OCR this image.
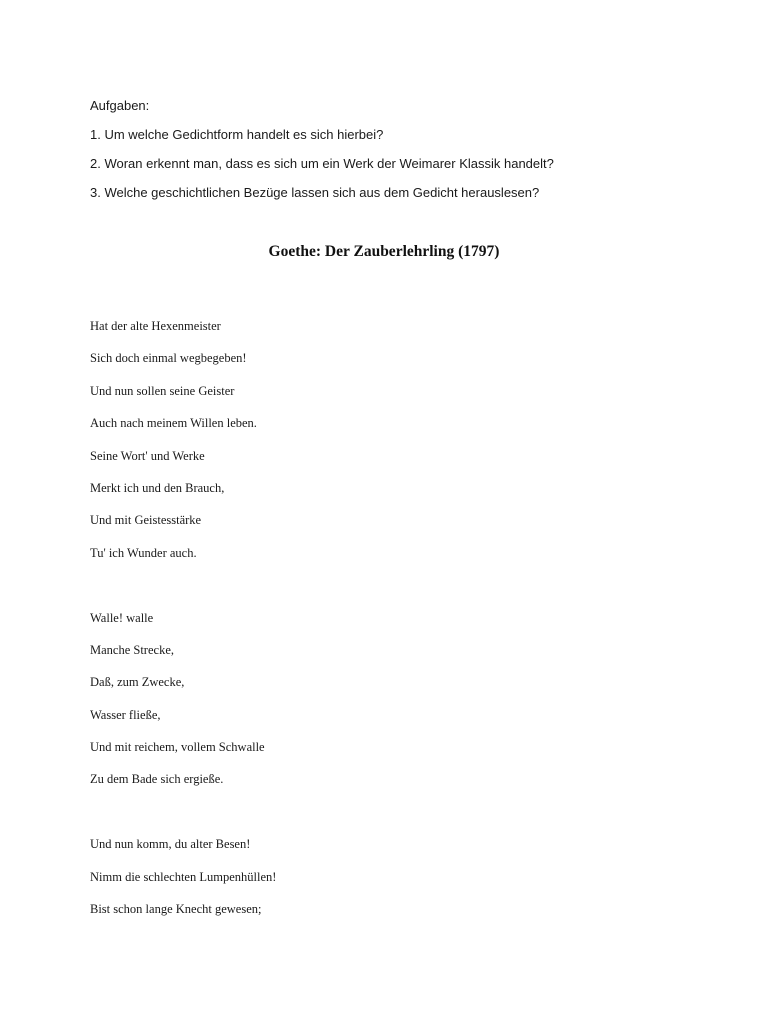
Aufgaben:
1. Um welche Gedichtform handelt es sich hierbei?
2. Woran erkennt man, dass es sich um ein Werk der Weimarer Klassik handelt?
3. Welche geschichtlichen Bezüge lassen sich aus dem Gedicht herauslesen?
Goethe: Der Zauberlehrling (1797)
Hat der alte Hexenmeister
Sich doch einmal wegbegeben!
Und nun sollen seine Geister
Auch nach meinem Willen leben.
Seine Wort' und Werke
Merkt ich und den Brauch,
Und mit Geistesstärke
Tu' ich Wunder auch.
Walle! walle
Manche Strecke,
Daß, zum Zwecke,
Wasser fließe,
Und mit reichem, vollem Schwalle
Zu dem Bade sich ergieße.
Und nun komm, du alter Besen!
Nimm die schlechten Lumpenhüllen!
Bist schon lange Knecht gewesen;
